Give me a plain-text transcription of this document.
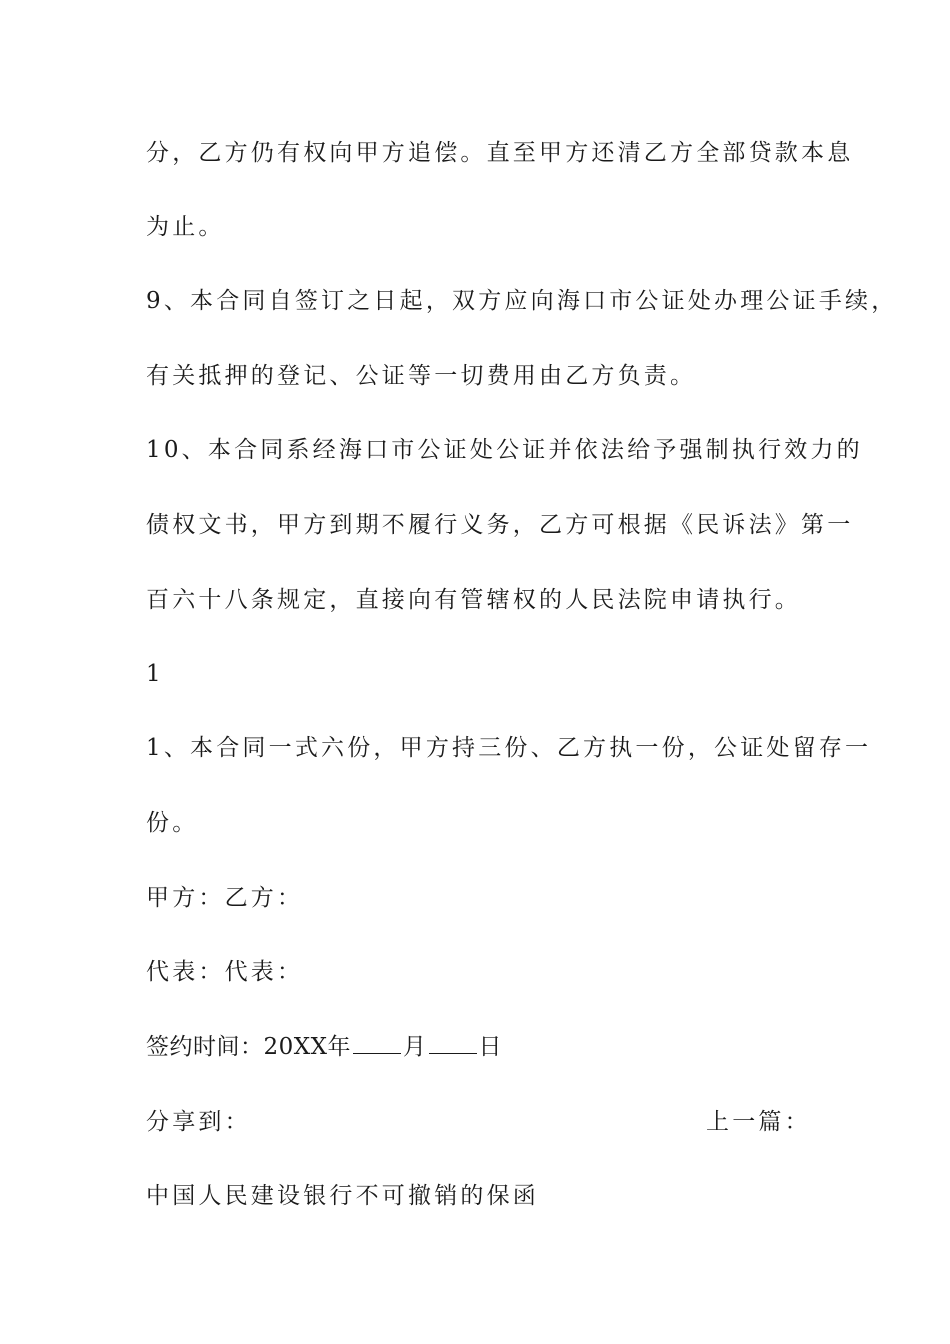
分，乙方仍有权向甲方追偿。直至甲方还清乙方全部贷款本息
为止。
9、本合同自签订之日起，双方应向海口市公证处办理公证手续，
有关抵押的登记、公证等一切费用由乙方负责。
10、本合同系经海口市公证处公证并依法给予强制执行效力的
债权文书，甲方到期不履行义务，乙方可根据《民诉法》第一
百六十八条规定，直接向有管辖权的人民法院申请执行。
1
1、本合同一式六份，甲方持三份、乙方执一份，公证处留存一
份。
甲方：乙方：
代表：代表：
签约时间：20XX年 月 日
分享到：	上一篇：
中国人民建设银行不可撤销的保函
